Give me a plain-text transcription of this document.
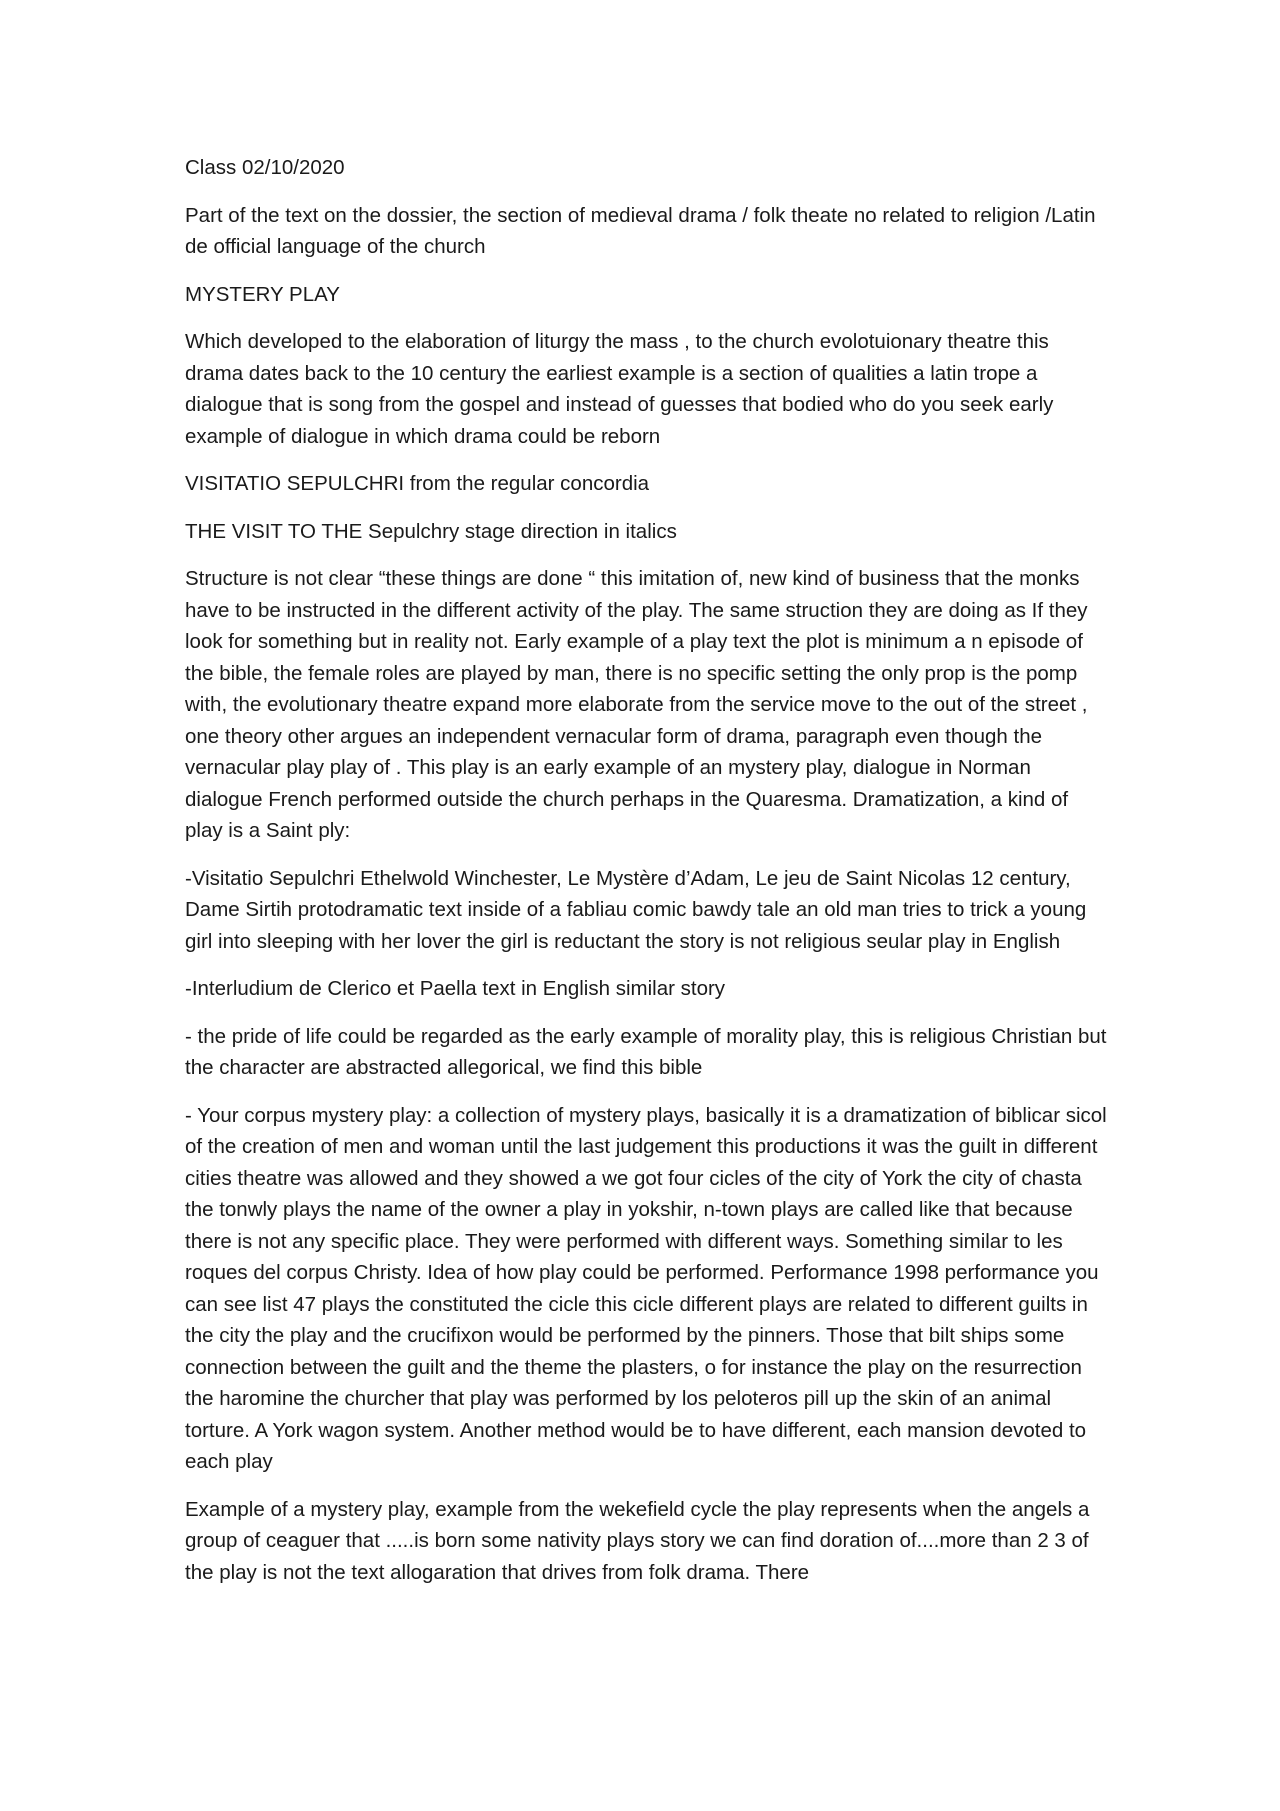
Class 02/10/2020

Part of the text on the dossier, the section of medieval drama / folk theate no related to religion /Latin de official language of the church

MYSTERY PLAY

Which developed to the elaboration of liturgy the mass , to the church evolotuionary theatre this drama dates back to the 10 century the earliest example is a section of qualities a latin trope a dialogue that is song from the gospel and instead of guesses that bodied who do you seek early example of dialogue in which drama could be reborn

VISITATIO SEPULCHRI from the regular concordia

THE VISIT TO THE Sepulchry stage direction in italics

Structure is not clear “these things are done “ this imitation of, new kind of business that the monks have to be instructed in the different activity of the play. The same struction they are doing as If they look for something but in reality not. Early example of a play text the plot is minimum a n episode of the bible, the female roles are played by man, there is no specific setting the only prop is the pomp with, the evolutionary theatre expand more elaborate from the service move to the out of the street , one theory other argues an independent vernacular form of drama, paragraph even though the vernacular play play of . This play is an early example of an mystery play, dialogue in Norman dialogue French performed outside the church perhaps in the Quaresma. Dramatization, a kind of play is a Saint ply:

-Visitatio Sepulchri Ethelwold Winchester, Le Mystère d’Adam, Le jeu de Saint Nicolas 12 century, Dame Sirtih protodramatic text inside of a fabliau comic bawdy tale an old man tries to trick a young girl into sleeping with her lover the girl is reductant the story is not religious seular play in English

-Interludium de Clerico et Paella text in English similar story

- the pride of life could be regarded as the early example of morality play, this is religious Christian but the character are abstracted allegorical, we find this bible

- Your corpus mystery play: a collection of mystery plays, basically it is a dramatization of biblicar sicol of the creation of men and woman until the last judgement this productions it was the guilt in different cities theatre was allowed and they showed a we got four cicles of the city of York the city of chasta the tonwly plays the name of the owner a play in yokshir, n-town plays are called like that because there is not any specific place. They were performed with different ways. Something similar to les roques del corpus Christy. Idea of how play could be performed. Performance 1998 performance you can see list 47 plays the constituted the cicle this cicle different plays are related to different guilts in the city the play and the crucifixon would be performed by the pinners. Those that bilt ships some connection between the guilt and the theme the plasters, o for instance the play on the resurrection the haromine the churcher that play was performed by los peloteros pill up the skin of an animal torture. A York wagon system. Another method would be to have different, each mansion devoted to each play

Example of a mystery play, example from the wekefield cycle the play represents when the angels a group of ceaguer that .....is born some nativity plays story we can find doration of....more than 2 3 of the play is not the text allogaration that drives from folk drama. There
